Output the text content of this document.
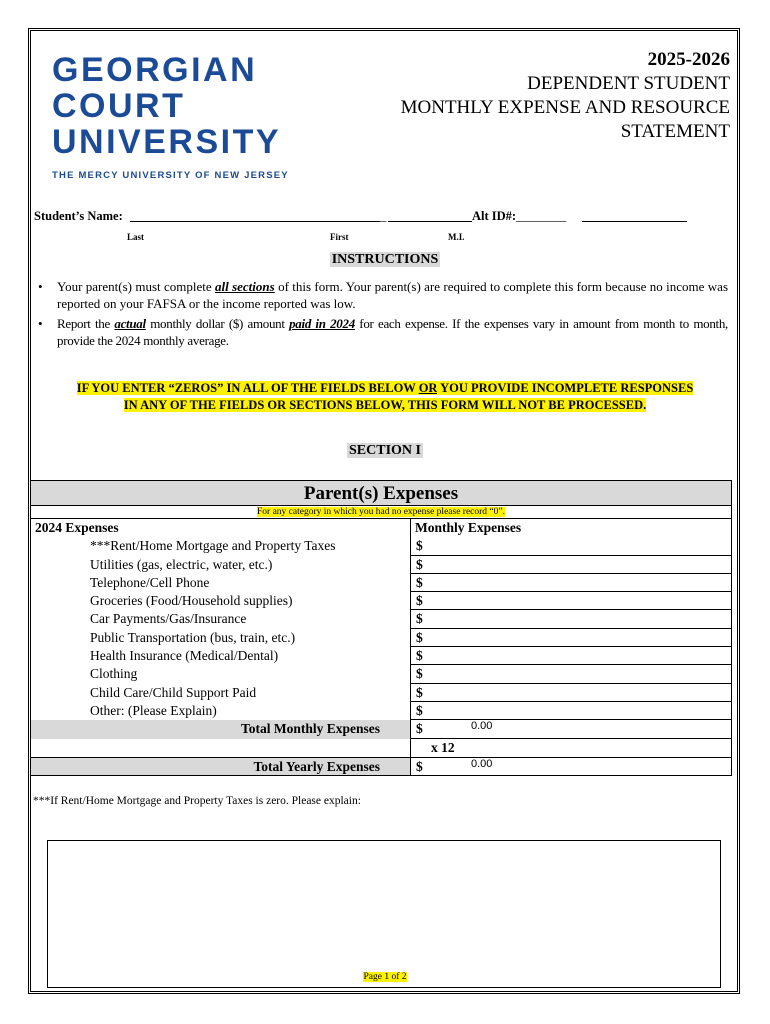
GEORGIAN
COURT
UNIVERSITY
THE MERCY UNIVERSITY OF NEW JERSEY
2025-2026
DEPENDENT STUDENT
MONTHLY EXPENSE AND RESOURCE
STATEMENT
Student’s Name:	_	Alt ID#:________
Last	First	M.I.
INSTRUCTIONS
• Your parent(s) must complete all sections of this form. Your parent(s) are required to complete this form because no income was reported on your FAFSA or the income reported was low.
• Report the actual monthly dollar ($) amount paid in 2024 for each expense. If the expenses vary in amount from month to month, provide the 2024 monthly average.
IF YOU ENTER “ZEROS” IN ALL OF THE FIELDS BELOW OR YOU PROVIDE INCOMPLETE RESPONSES
IN ANY OF THE FIELDS OR SECTIONS BELOW, THIS FORM WILL NOT BE PROCESSED.
SECTION I
Parent(s) Expenses
For any category in which you had no expense please record “0”.
2024 Expenses	Monthly Expenses
***Rent/Home Mortgage and Property Taxes	$
Utilities (gas, electric, water, etc.)	$
Telephone/Cell Phone	$
Groceries (Food/Household supplies)	$
Car Payments/Gas/Insurance	$
Public Transportation (bus, train, etc.)	$
Health Insurance (Medical/Dental)	$
Clothing	$
Child Care/Child Support Paid	$
Other: (Please Explain)	$
Total Monthly Expenses	$	0.00
x 12
Total Yearly Expenses	$	0.00
***If Rent/Home Mortgage and Property Taxes is zero. Please explain:
Page 1 of 2
